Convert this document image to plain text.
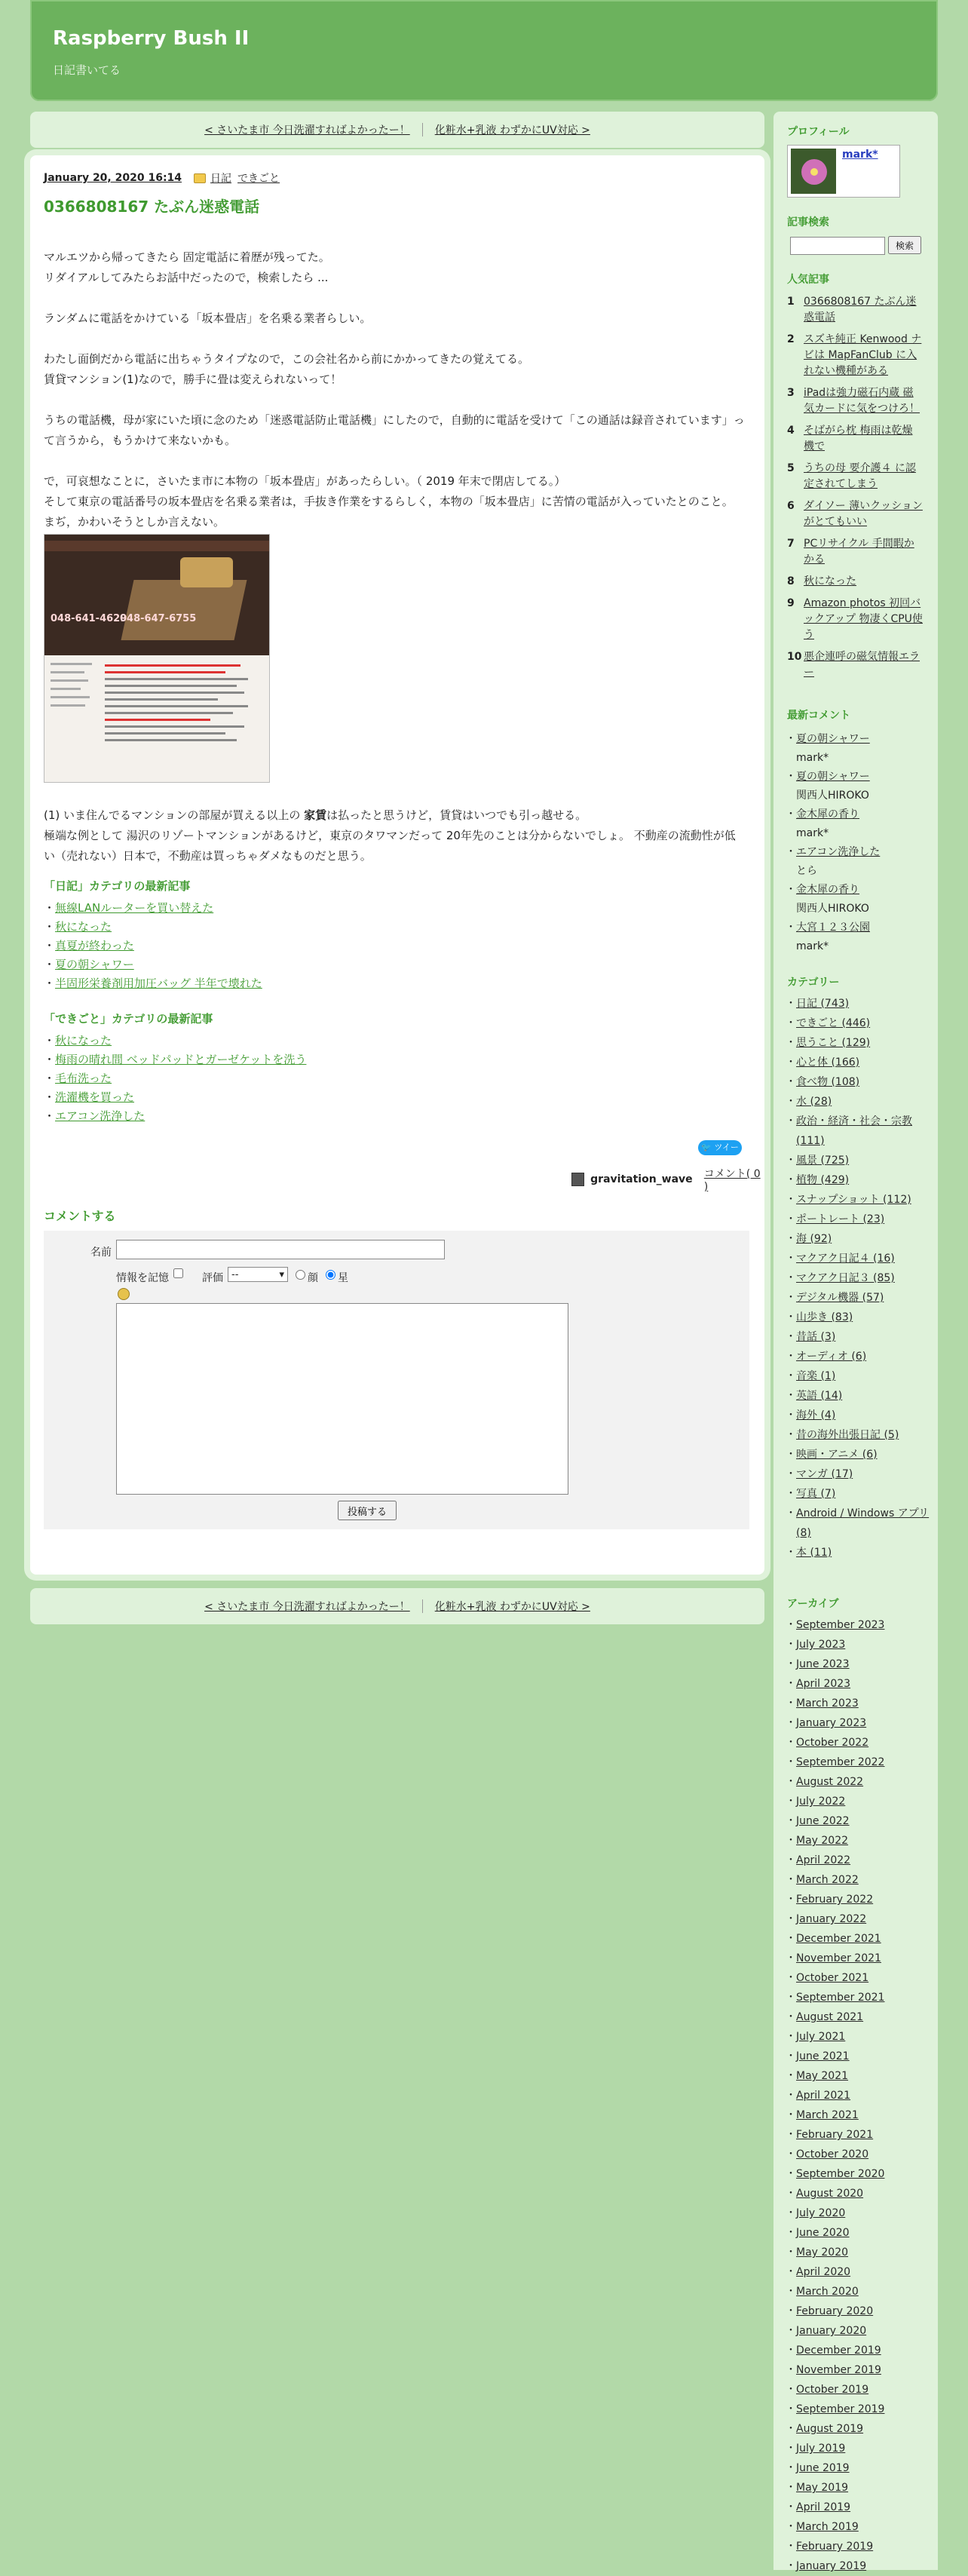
Raspberry Bush II
日記書いてる
< さいたま市 今日洗濯すればよかったー！ 化粧水+乳液 わずかにUV対応 >
January 20, 2020 16:14	日記 できごと
0366808167 たぶん迷惑電話

マルエツから帰ってきたら 固定電話に着歴が残ってた。

リダイアルしてみたらお話中だったので，検索したら ...

ランダムに電話をかけている「坂本畳店」を名乗る業者らしい。

わたし面倒だから電話に出ちゃうタイプなので，この会社名から前にかかってきたの覚えてる。

賃貸マンション(1)なので，勝手に畳は変えられないって！

うちの電話機，母が家にいた頃に念のため「迷惑電話防止電話機」にしたので，自動的に電話を受けて「この通話は録音されています」って言うから，もうかけて来ないかも。

で，可哀想なことに，さいたま市に本物の「坂本畳店」があったらしい。（ 2019 年末で閉店してる。）

そして東京の電話番号の坂本畳店を名乗る業者は，手抜き作業をするらしく，本物の「坂本畳店」に苦情の電話が入っていたとのこと。 まぢ，かわいそうとしか言えない。

048-641-4629
048-647-6755

(1) いま住んでるマンションの部屋が買える以上の 家賃は払ったと思うけど，賃貸はいつでも引っ越せる。

極端な例として 湯沢のリゾートマンションがあるけど，東京のタワマンだって 20年先のことは分からないでしょ。 不動産の流動性が低い（売れない）日本で，不動産は買っちゃダメなものだと思う。

「日記」カテゴリの最新記事
・無線LANルーターを買い替えた
・秋になった
・真夏が終わった
・夏の朝シャワー
・半固形栄養剤用加圧バッグ 半年で壊れた
「できごと」カテゴリの最新記事
・秋になった
・梅雨の晴れ間 ベッドパッドとガーゼケットを洗う
・毛布洗った
・洗濯機を買った
・エアコン洗浄した
🐦 ツイート
gravitation_wave コメント( 0 )
コメントする
名前
情報を記憶	評価 --	▾ 顔 星
投稿する
< さいたま市 今日洗濯すればよかったー！ 化粧水+乳液 わずかにUV対応 >
プロフィール
mark*
記事検索
検索
人気記事
1 0366808167 たぶん迷惑電話
2 スズキ純正 Kenwood ナビは MapFanClub に入れない機種がある
3 iPadは強力磁石内蔵 磁気カードに気をつけろ！
4 そばがら枕 梅雨は乾燥機で
5 うちの母 要介護４ に認定されてしまう
6 ダイソー 薄いクッションがとてもいい
7 PCリサイクル 手間暇かかる
8 秋になった
9 Amazon photos 初回バックアップ 物凄くCPU使う
10 悪企連呼の磁気情報エラー
最新コメント
・ 夏の朝シャワー
mark*
・ 夏の朝シャワー
関西人HIROKO
・ 金木犀の香り
mark*
・ エアコン洗浄した
とら
・ 金木犀の香り
関西人HIROKO
・ 大宮１２３公園
mark*
カテゴリー
・ 日記 (743)
・ できごと (446)
・ 思うこと (129)
・ 心と体 (166)
・ 食べ物 (108)
・ 水 (28)
・ 政治・経済・社会・宗教 (111)
・ 風景 (725)
・ 植物 (429)
・ スナップショット (112)
・ ポートレート (23)
・ 海 (92)
・ マクアク日記４ (16)
・ マクアク日記３ (85)
・ デジタル機器 (57)
・ 山歩き (83)
・ 昔話 (3)
・ オーディオ (6)
・ 音楽 (1)
・ 英語 (14)
・ 海外 (4)
・ 昔の海外出張日記 (5)
・ 映画・アニメ (6)
・ マンガ (17)
・ 写真 (7)
・ Android / Windows アプリ (8)
・ 本 (11)
アーカイブ
・ September 2023
・ July 2023
・ June 2023
・ April 2023
・ March 2023
・ January 2023
・ October 2022
・ September 2022
・ August 2022
・ July 2022
・ June 2022
・ May 2022
・ April 2022
・ March 2022
・ February 2022
・ January 2022
・ December 2021
・ November 2021
・ October 2021
・ September 2021
・ August 2021
・ July 2021
・ June 2021
・ May 2021
・ April 2021
・ March 2021
・ February 2021
・ October 2020
・ September 2020
・ August 2020
・ July 2020
・ June 2020
・ May 2020
・ April 2020
・ March 2020
・ February 2020
・ January 2020
・ December 2019
・ November 2019
・ October 2019
・ September 2019
・ August 2019
・ July 2019
・ June 2019
・ May 2019
・ April 2019
・ March 2019
・ February 2019
・ January 2019
